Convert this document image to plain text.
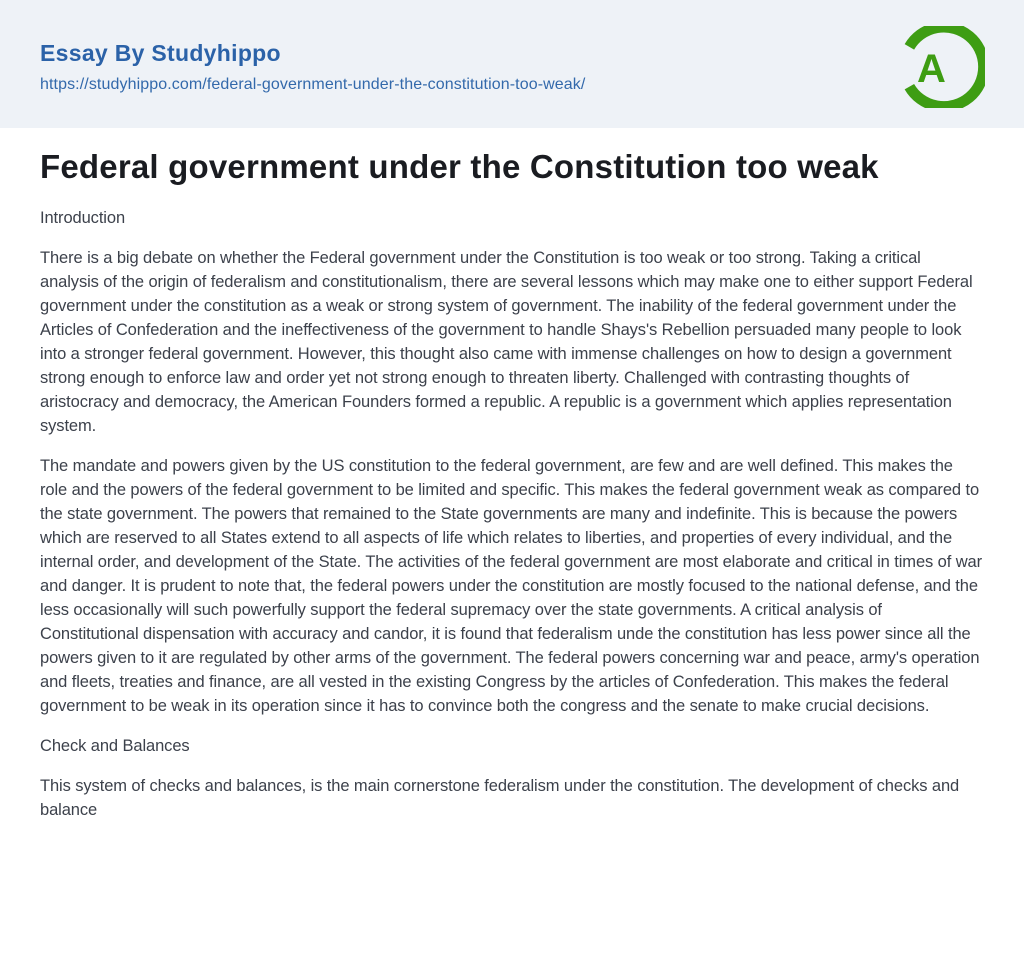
Essay By Studyhippo
https://studyhippo.com/federal-government-under-the-constitution-too-weak/	A
Federal government under the Constitution too weak

Introduction

There is a big debate on whether the Federal government under the Constitution is too weak or too strong. Taking a critical analysis of the origin of federalism and constitutionalism, there are several lessons which may make one to either support Federal government under the constitution as a weak or strong system of government. The inability of the federal government under the Articles of Confederation and the ineffectiveness of the government to handle Shays's Rebellion persuaded many people to look into a stronger federal government. However, this thought also came with immense challenges on how to design a government strong enough to enforce law and order yet not strong enough to threaten liberty. Challenged with contrasting thoughts of aristocracy and democracy, the American Founders formed a republic. A republic is a government which applies representation system.

The mandate and powers given by the US constitution to the federal government, are few and are well defined. This makes the role and the powers of the federal government to be limited and specific. This makes the federal government weak as compared to the state government. The powers that remained to the State governments are many and indefinite. This is because the powers which are reserved to all States extend to all aspects of life which relates to liberties, and properties of every individual, and the internal order, and development of the State. The activities of the federal government are most elaborate and critical in times of war and danger. It is prudent to note that, the federal powers under the constitution are mostly focused to the national defense, and the less occasionally will such powerfully support the federal supremacy over the state governments. A critical analysis of Constitutional dispensation with accuracy and candor, it is found that federalism unde the constitution has less power since all the powers given to it are regulated by other arms of the government. The federal powers concerning war and peace, army's operation and fleets, treaties and finance, are all vested in the existing Congress by the articles of Confederation. This makes the federal government to be weak in its operation since it has to convince both the congress and the senate to make crucial decisions.

Check and Balances

This system of checks and balances, is the main cornerstone federalism under the constitution. The development of checks and balance
